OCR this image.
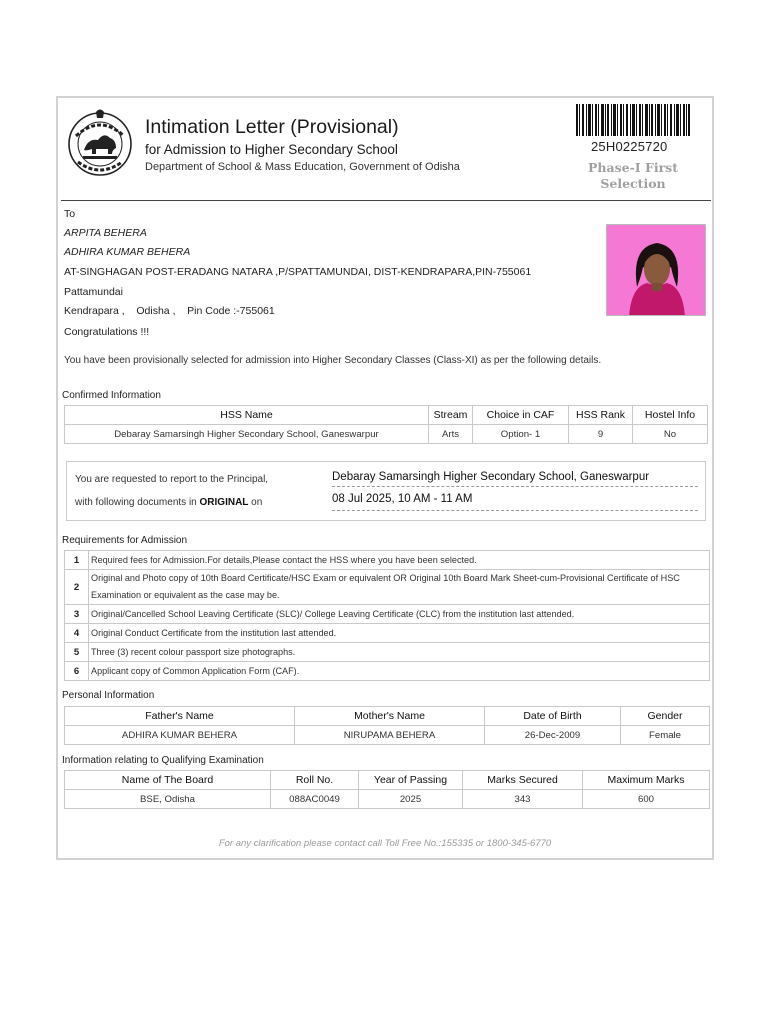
Intimation Letter (Provisional)
for Admission to Higher Secondary School
Department of School & Mass Education, Government of Odisha
25H0225720
Phase-I First
Selection
To
ARPITA BEHERA
ADHIRA KUMAR BEHERA
AT-SINGHAGAN POST-ERADANG NATARA ,P/SPATTAMUNDAI, DIST-KENDRAPARA,PIN-755061
Pattamundai
Kendrapara ,    Odisha ,    Pin Code :-755061
Congratulations !!!
You have been provisionally selected for admission into Higher Secondary Classes (Class-XI) as per the following details.
Confirmed Information
HSS Name	Stream	Choice in CAF	HSS Rank	Hostel Info
Debaray Samarsingh Higher Secondary School, Ganeswarpur	Arts	Option- 1	9	No
You are requested to report to the Principal,
with following documents in ORIGINAL on
Debaray Samarsingh Higher Secondary School, Ganeswarpur
08 Jul 2025, 10 AM - 11 AM
Requirements for Admission
1	Required fees for Admission.For details,Please contact the HSS where you have been selected.
2	Original and Photo copy of 10th Board Certificate/HSC Exam or equivalent OR Original 10th Board Mark Sheet-cum-Provisional Certificate of HSC Examination or equivalent as the case may be.
3	Original/Cancelled School Leaving Certificate (SLC)/ College Leaving Certificate (CLC) from the institution last attended.
4	Original Conduct Certificate from the institution last attended.
5	Three (3) recent colour passport size photographs.
6	Applicant copy of Common Application Form (CAF).
Personal Information
Father's Name	Mother's Name	Date of Birth	Gender
ADHIRA KUMAR BEHERA	NIRUPAMA BEHERA	26-Dec-2009	Female
Information relating to Qualifying Examination
Name of The Board	Roll No.	Year of Passing	Marks Secured	Maximum Marks
BSE, Odisha	088AC0049	2025	343	600
For any clarification please contact call Toll Free No.:155335 or 1800-345-6770
